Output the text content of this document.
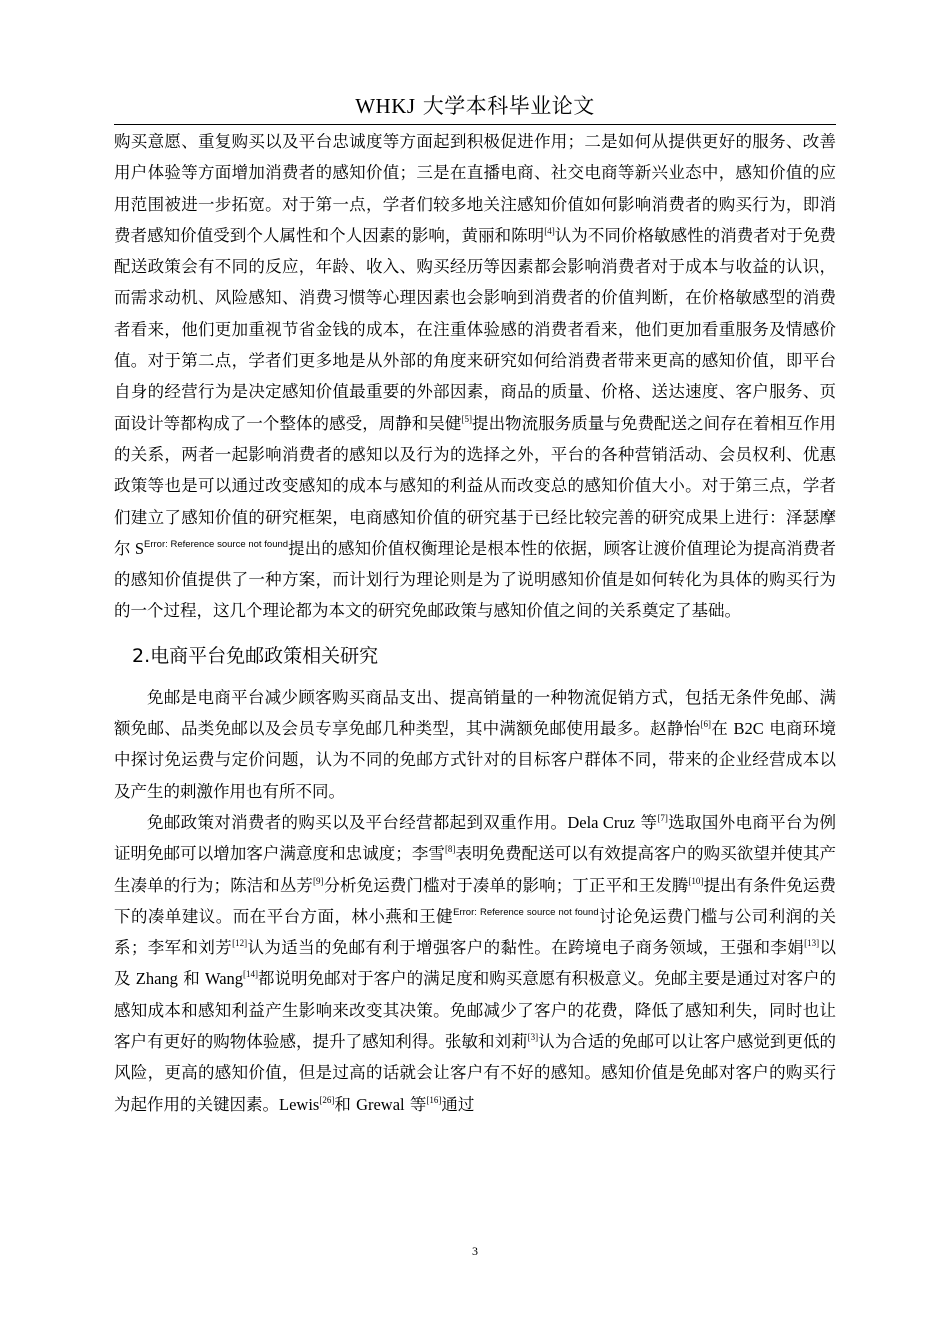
WHKJ 大学本科毕业论文

购买意愿、重复购买以及平台忠诚度等方面起到积极促进作用；二是如何从提供更好的服务、改善用户体验等方面增加消费者的感知价值；三是在直播电商、社交电商等新兴业态中，感知价值的应用范围被进一步拓宽。对于第一点，学者们较多地关注感知价值如何影响消费者的购买行为，即消费者感知价值受到个人属性和个人因素的影响，黄丽和陈明[4]认为不同价格敏感性的消费者对于免费配送政策会有不同的反应，年龄、收入、购买经历等因素都会影响消费者对于成本与收益的认识，而需求动机、风险感知、消费习惯等心理因素也会影响到消费者的价值判断，在价格敏感型的消费者看来，他们更加重视节省金钱的成本，在注重体验感的消费者看来，他们更加看重服务及情感价值。对于第二点，学者们更多地是从外部的角度来研究如何给消费者带来更高的感知价值，即平台自身的经营行为是决定感知价值最重要的外部因素，商品的质量、价格、送达速度、客户服务、页面设计等都构成了一个整体的感受，周静和吴健[5]提出物流服务质量与免费配送之间存在着相互作用的关系，两者一起影响消费者的感知以及行为的选择之外，平台的各种营销活动、会员权利、优惠政策等也是可以通过改变感知的成本与感知的利益从而改变总的感知价值大小。对于第三点，学者们建立了感知价值的研究框架，电商感知价值的研究基于已经比较完善的研究成果上进行：泽瑟摩尔 $S^{Error: Reference source not found}$提出的感知价值权衡理论是根本性的依据，顾客让渡价值理论为提高消费者的感知价值提供了一种方案，而计划行为理论则是为了说明感知价值是如何转化为具体的购买行为的一个过程，这几个理论都为本文的研究免邮政策与感知价值之间的关系奠定了基础。

2.电商平台免邮政策相关研究

免邮是电商平台减少顾客购买商品支出、提高销量的一种物流促销方式，包括无条件免邮、满额免邮、品类免邮以及会员专享免邮几种类型，其中满额免邮使用最多。赵静怡[6]在 B2C 电商环境中探讨免运费与定价问题，认为不同的免邮方式针对的目标客户群体不同，带来的企业经营成本以及产生的刺激作用也有所不同。

免邮政策对消费者的购买以及平台经营都起到双重作用。Dela Cruz 等[7]选取国外电商平台为例证明免邮可以增加客户满意度和忠诚度；李雪[8]表明免费配送可以有效提高客户的购买欲望并使其产生凑单的行为；陈洁和丛芳[9]分析免运费门槛对于凑单的影响；丁正平和王发腾[10]提出有条件免运费下的凑单建议。而在平台方面，林小燕和王健$^{Error: Reference source not found}$讨论免运费门槛与公司利润的关系；李军和刘芳[12]认为适当的免邮有利于增强客户的黏性。在跨境电子商务领域，王强和李娟[13]以及 Zhang 和 Wang[14]都说明免邮对于客户的满足度和购买意愿有积极意义。免邮主要是通过对客户的感知成本和感知利益产生影响来改变其决策。免邮减少了客户的花费，降低了感知利失，同时也让客户有更好的购物体验感，提升了感知利得。张敏和刘莉[3]认为合适的免邮可以让客户感觉到更低的风险，更高的感知价值，但是过高的话就会让客户有不好的感知。感知价值是免邮对客户的购买行为起作用的关键因素。Lewis[26]和 Grewal 等[16]通过

3
